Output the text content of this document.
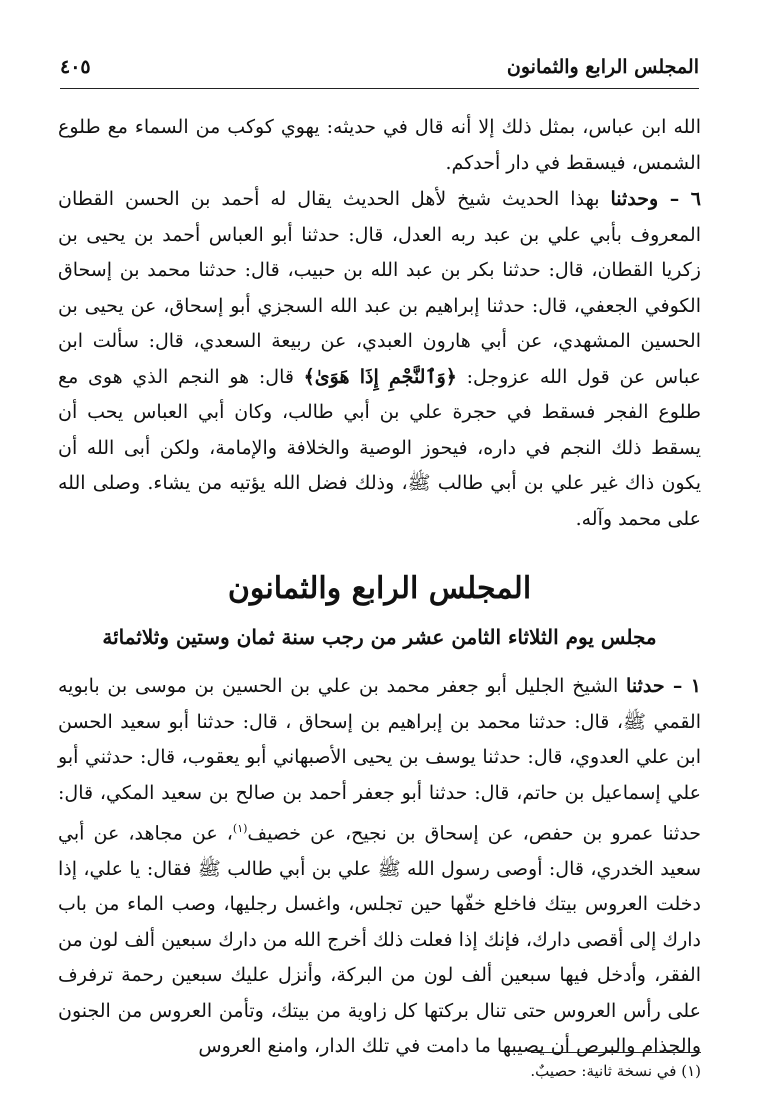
المجلس الرابع والثمانون
٤٠٥

الله ابن عباس، بمثل ذلك إلا أنه قال في حديثه: يهوي كوكب من السماء مع طلوع الشمس، فيسقط في دار أحدكم.

٦ – وحدثنا بهذا الحديث شيخ لأهل الحديث يقال له أحمد بن الحسن القطان المعروف بأبي علي بن عبد ربه العدل، قال: حدثنا أبو العباس أحمد بن يحيى بن زكريا القطان، قال: حدثنا بكر بن عبد الله بن حبيب، قال: حدثنا محمد بن إسحاق الكوفي الجعفي، قال: حدثنا إبراهيم بن عبد الله السجزي أبو إسحاق، عن يحيى بن الحسين المشهدي، عن أبي هارون العبدي، عن ربيعة السعدي، قال: سألت ابن عباس عن قول الله عزوجل: ﴿وَٱلنَّجْمِ إِذَا هَوَىٰ﴾ قال: هو النجم الذي هوى مع طلوع الفجر فسقط في حجرة علي بن أبي طالب، وكان أبي العباس يحب أن يسقط ذلك النجم في داره، فيحوز الوصية والخلافة والإمامة، ولكن أبى الله أن يكون ذاك غير علي بن أبي طالب ﷺ، وذلك فضل الله يؤتيه من يشاء. وصلى الله على محمد وآله.

المجلس الرابع والثمانون
مجلس يوم الثلاثاء الثامن عشر من رجب سنة ثمان وستين وثلاثمائة

١ – حدثنا الشيخ الجليل أبو جعفر محمد بن علي بن الحسين بن موسى بن بابويه القمي ﷺ، قال: حدثنا محمد بن إبراهيم بن إسحاق ، قال: حدثنا أبو سعيد الحسن ابن علي العدوي، قال: حدثنا يوسف بن يحيى الأصبهاني أبو يعقوب، قال: حدثني أبو علي إسماعيل بن حاتم، قال: حدثنا أبو جعفر أحمد بن صالح بن سعيد المكي، قال: حدثنا عمرو بن حفص، عن إسحاق بن نجيح، عن خصيف$^{(١)}$، عن مجاهد، عن أبي سعيد الخدري، قال: أوصى رسول الله ﷺ علي بن أبي طالب ﷺ فقال: يا علي، إذا دخلت العروس بيتك فاخلع خفّها حين تجلس، واغسل رجليها، وصب الماء من باب دارك إلى أقصى دارك، فإنك إذا فعلت ذلك أخرج الله من دارك سبعين ألف لون من الفقر، وأدخل فيها سبعين ألف لون من البركة، وأنزل عليك سبعين رحمة ترفرف على رأس العروس حتى تنال بركتها كل زاوية من بيتك، وتأمن العروس من الجنون والجذام والبرص أن يصيبها ما دامت في تلك الدار، وامنع العروس

(١) في نسخة ثانية: حصيبٌ.
